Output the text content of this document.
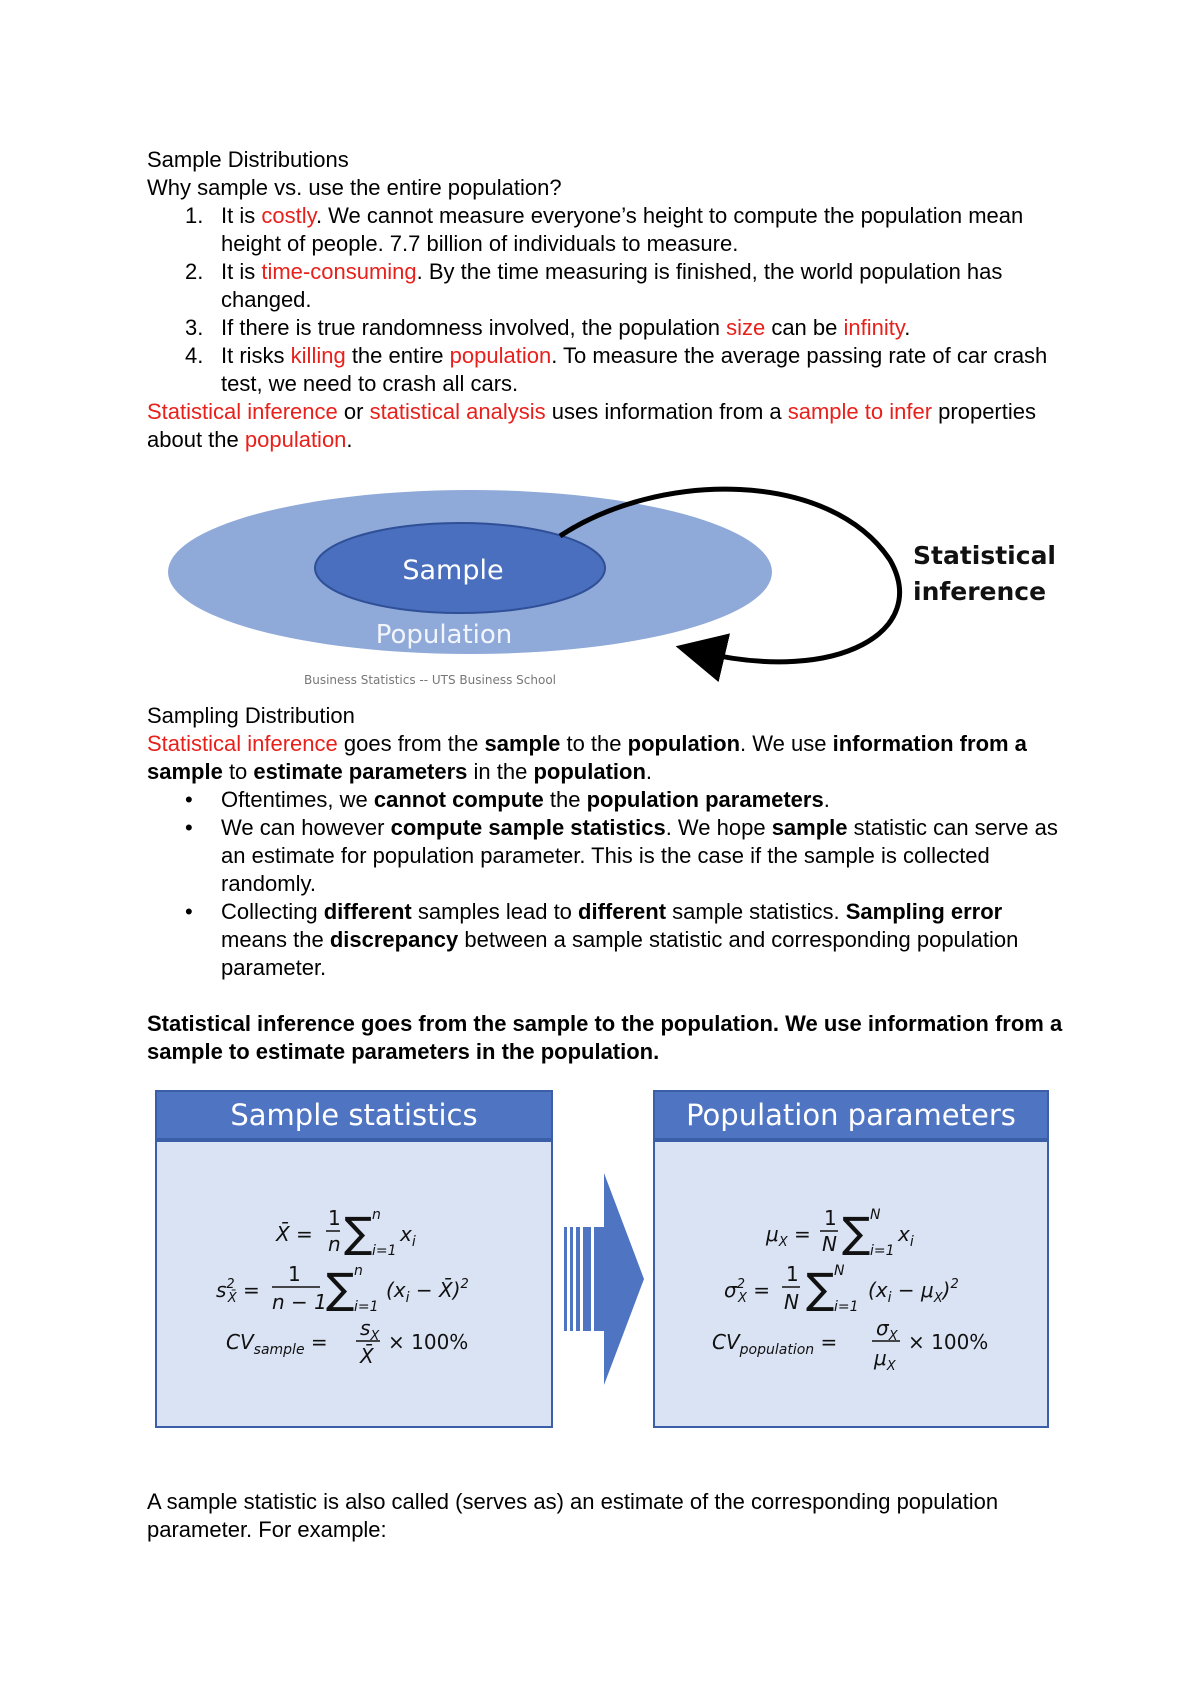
Sample Distributions
Why sample vs. use the entire population?
1. It is costly. We cannot measure everyone’s height to compute the population mean height of people. 7.7 billion of individuals to measure.
2. It is time-consuming. By the time measuring is finished, the world population has changed.
3. If there is true randomness involved, the population size can be infinity.
4. It risks killing the entire population. To measure the average passing rate of car crash test, we need to crash all cars.
Statistical inference or statistical analysis uses information from a sample to infer properties about the population.
Sample
Population
Statistical
inference
Business Statistics -- UTS Business School
Sampling Distribution
Statistical inference goes from the sample to the population. We use information from a sample to estimate parameters in the population.
• Oftentimes, we cannot compute the population parameters.
• We can however compute sample statistics. We hope sample statistic can serve as an estimate for population parameter. This is the case if the sample is collected randomly.
• Collecting different samples lead to different sample statistics. Sampling error means the discrepancy between a sample statistic and corresponding population parameter.
Statistical inference goes from the sample to the population. We use information from a sample to estimate parameters in the population.
Sample statistics
X̄ =
1
n ∑ n
i=1
$x_i$
$s^2$ X̄ =
1
n − 1 ∑ n
i=1
($x_i$ − X̄)$^2$
$CV_{sample}$ =
$s_X$
X̄
× 100%
Population parameters
$\mu_X$ =
1
N ∑ N
i=1
$x_i$
$\sigma^2$ X =
1
N ∑ N
i=1
$(x_i - \mu_X)^2$
$CV_{population}$ =
$\sigma_X$
$\mu_X$
× 100%
A sample statistic is also called (serves as) an estimate of the corresponding population parameter. For example:
